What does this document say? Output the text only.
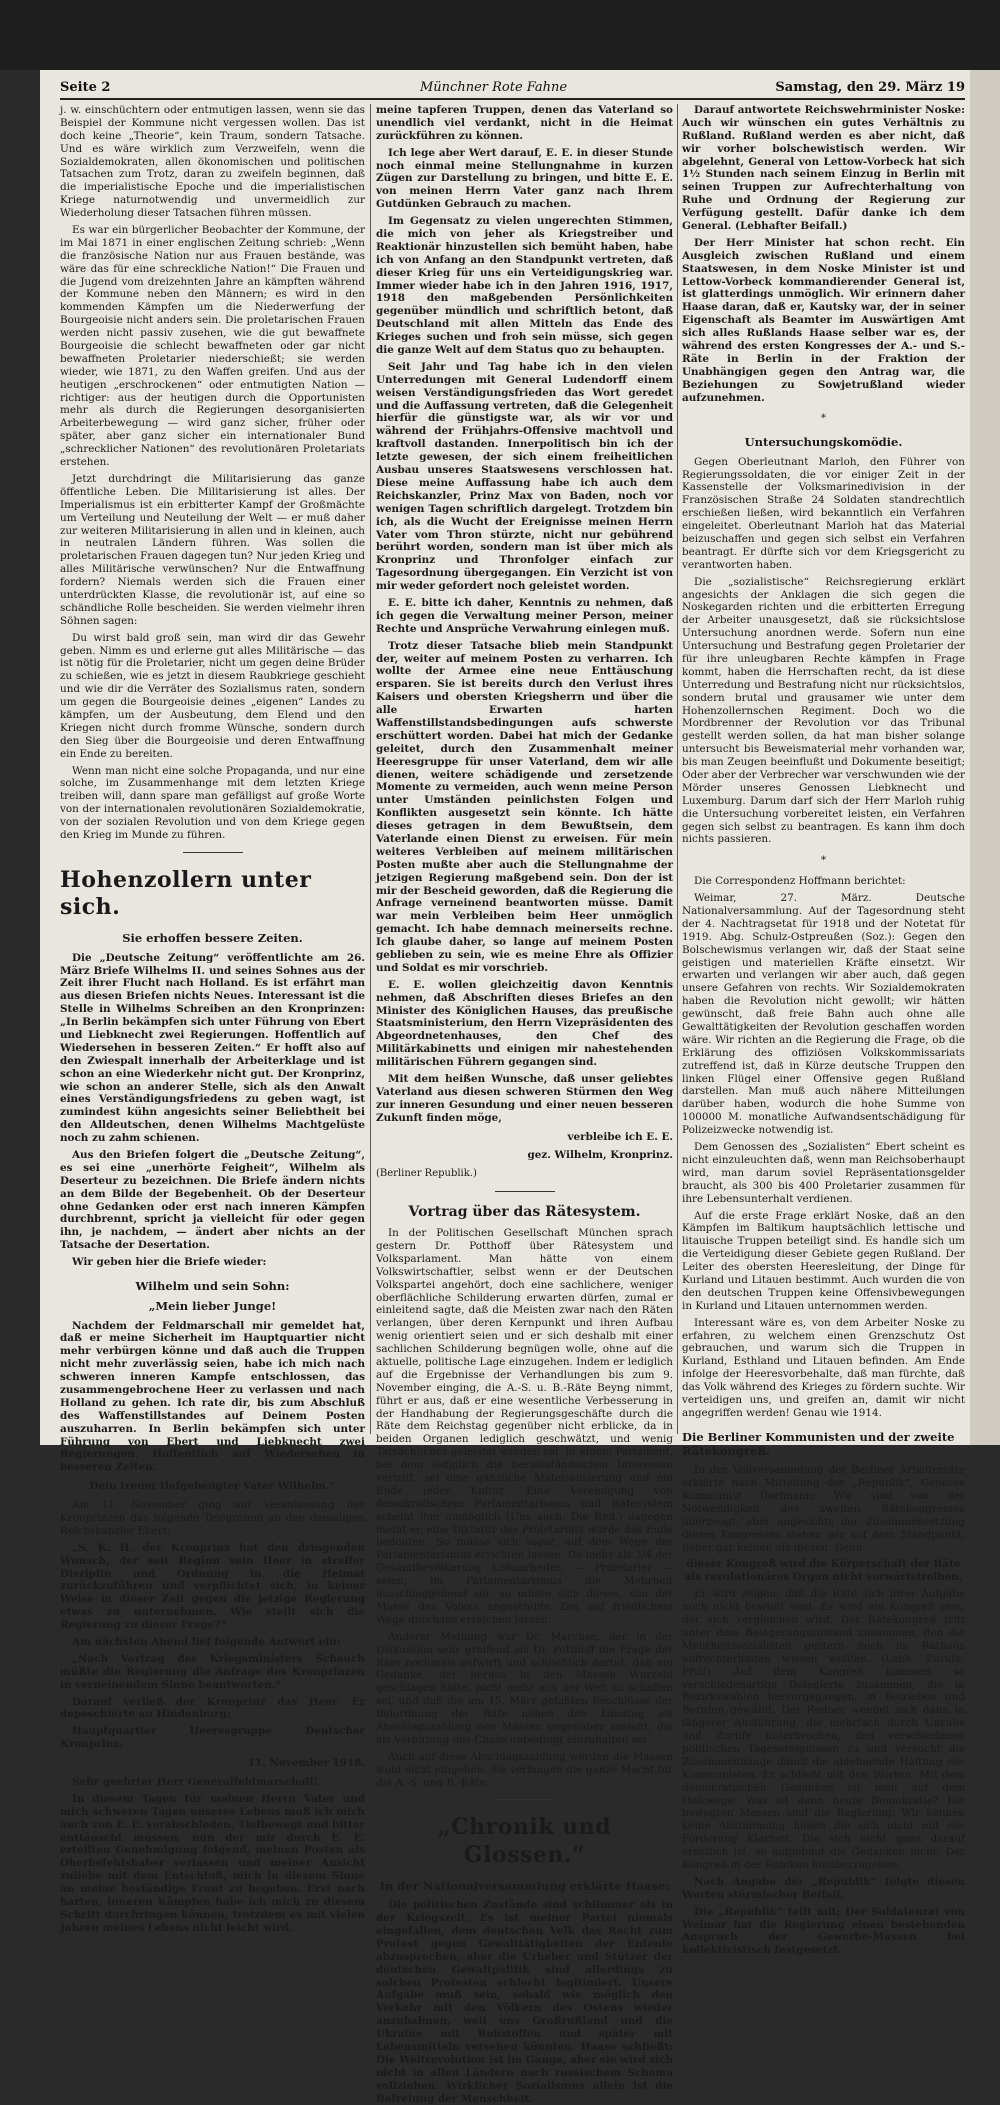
Seite 2	Münchner Rote Fahne	Samstag, den 29. März 19

j. w. einschüchtern oder entmutigen lassen, wenn sie das Beispiel der Kommune nicht vergessen wollen. Das ist doch keine „Theorie“, kein Traum, sondern Tatsache. Und es wäre wirklich zum Verzweifeln, wenn die Sozialdemokraten, allen ökonomischen und politischen Tatsachen zum Trotz, daran zu zweifeln beginnen, daß die imperialistische Epoche und die imperialistischen Kriege naturnotwendig und unvermeidlich zur Wiederholung dieser Tatsachen führen müssen.

Es war ein bürgerlicher Beobachter der Kommune, der im Mai 1871 in einer englischen Zeitung schrieb: „Wenn die französische Nation nur aus Frauen bestände, was wäre das für eine schreckliche Nation!“ Die Frauen und die Jugend vom dreizehnten Jahre an kämpften während der Kommune neben den Männern; es wird in den kommenden Kämpfen um die Niederwerfung der Bourgeoisie nicht anders sein. Die proletarischen Frauen werden nicht passiv zusehen, wie die gut bewaffnete Bourgeoisie die schlecht bewaffneten oder gar nicht bewaffneten Proletarier niederschießt; sie werden wieder, wie 1871, zu den Waffen greifen. Und aus der heutigen „erschrockenen“ oder entmutigten Nation — richtiger: aus der heutigen durch die Opportunisten mehr als durch die Regierungen desorganisierten Arbeiterbewegung — wird ganz sicher, früher oder später, aber ganz sicher ein internationaler Bund „schrecklicher Nationen“ des revolutionären Proletariats erstehen.

Jetzt durchdringt die Militarisierung das ganze öffentliche Leben. Die Militarisierung ist alles. Der Imperialismus ist ein erbitterter Kampf der Großmächte um Verteilung und Neuteilung der Welt — er muß daher zur weiteren Militarisierung in allen und in kleinen, auch in neutralen Ländern führen. Was sollen die proletarischen Frauen dagegen tun? Nur jeden Krieg und alles Militärische verwünschen? Nur die Entwaffnung fordern? Niemals werden sich die Frauen einer unterdrückten Klasse, die revolutionär ist, auf eine so schändliche Rolle bescheiden. Sie werden vielmehr ihren Söhnen sagen:

Du wirst bald groß sein, man wird dir das Gewehr geben. Nimm es und erlerne gut alles Militärische — das ist nötig für die Proletarier, nicht um gegen deine Brüder zu schießen, wie es jetzt in diesem Raubkriege geschieht und wie dir die Verräter des Sozialismus raten, sondern um gegen die Bourgeoisie deines „eigenen“ Landes zu kämpfen, um der Ausbeutung, dem Elend und den Kriegen nicht durch fromme Wünsche, sondern durch den Sieg über die Bourgeoisie und deren Entwaffnung ein Ende zu bereiten.

Wenn man nicht eine solche Propaganda, und nur eine solche, im Zusammenhange mit dem letzten Kriege treiben will, dann spare man gefälligst auf große Worte von der internationalen revolutionären Sozialdemokratie, von der sozialen Revolution und von dem Kriege gegen den Krieg im Munde zu führen.

Hohenzollern unter sich.
Sie erhoffen bessere Zeiten.

Die „Deutsche Zeitung“ veröffentlichte am 26. März Briefe Wilhelms II. und seines Sohnes aus der Zeit ihrer Flucht nach Holland. Es ist erfährt man aus diesen Briefen nichts Neues. Interessant ist die Stelle in Wilhelms Schreiben an den Kronprinzen: „In Berlin bekämpfen sich unter Führung von Ebert und Liebknecht zwei Regierungen. Hoffentlich auf Wiedersehen in besseren Zeiten.“ Er hofft also auf den Zwiespalt innerhalb der Arbeiterklage und ist schon an eine Wiederkehr nicht gut. Der Kronprinz, wie schon an anderer Stelle, sich als den Anwalt eines Verständigungsfriedens zu geben wagt, ist zumindest kühn angesichts seiner Beliebtheit bei den Alldeutschen, denen Wilhelms Machtgelüste noch zu zahm schienen.

Aus den Briefen folgert die „Deutsche Zeitung“, es sei eine „unerhörte Feigheit“, Wilhelm als Deserteur zu bezeichnen. Die Briefe ändern nichts an dem Bilde der Begebenheit. Ob der Deserteur ohne Gedanken oder erst nach inneren Kämpfen durchbrennt, spricht ja vielleicht für oder gegen ihn, je nachdem, — ändert aber nichts an der Tatsache der Desertation.

Wir geben hier die Briefe wieder:

Wilhelm und sein Sohn:
„Mein lieber Junge!

Nachdem der Feldmarschall mir gemeldet hat, daß er meine Sicherheit im Hauptquartier nicht mehr verbürgen könne und daß auch die Truppen nicht mehr zuverlässig seien, habe ich mich nach schweren inneren Kampfe entschlossen, das zusammengebrochene Heer zu verlassen und nach Holland zu gehen. Ich rate dir, bis zum Abschluß des Waffenstillstandes auf Deinem Posten auszuharren. In Berlin bekämpfen sich unter Führung von Ebert und Liebknecht zwei Regierungen. Hoffentlich auf Wiedersehen in besseren Zeiten.

Dein treuer tiefgebeugter Vater Wilhelm.“

Am 11. November ging auf Veranlassung des Kronprinzen das folgende Telegramm an den damaligen Reichskanzler Ebert:

„S. K. H. der Kronprinz hat den dringenden Wunsch, der seit Beginn sein Heer in straffer Disziplin und Ordnung in die Heimat zurückzuführen und verpflichtet sich, in keiner Weise in dieser Zeit gegen die jetzige Regierung etwas zu unternehmen. Wie stellt sich die Regierung zu dieser Frage?“

Am nächsten Abend lief folgende Antwort ein:

„Nach Vortrag des Kriegsministers Scheuch müßte die Regierung die Anfrage des Kronprinzen in verneinendem Sinne beantworten.“

Darauf verließ der Kronprinz das Heer. Er depeschierte an Hindenburg:

Hauptquartier Heeresgruppe Deutscher Kronprinz.

11. November 1918.

Sehr geehrter Herr Generalfeldmarschall!

In diesem Tagen für meinen Herrn Vater und mich schweren Tagen unseres Lebens muß ich mich auch von E. E. verabschieden. Tiefbewegt und bitter enttäuscht müssen, nun der mir durch E. E. erteilten Genehmigung folgend, meinen Posten als Oberbefehlshaber verlassen und meiner Ansicht zuliebe mit dem Entschluß, mich in diesem Sinne an meine beständige Front zu begeben. Erst nach harten, inneren Kämpfen habe ich mich zu diesem Schritt durchringen können, trotzdem es mit vielen Jahren meines Lebens nicht leicht wird.

meine tapferen Truppen, denen das Vaterland so unendlich viel verdankt, nicht in die Heimat zurückführen zu können.

Ich lege aber Wert darauf, E. E. in dieser Stunde noch einmal meine Stellungnahme in kurzen Zügen zur Darstellung zu bringen, und bitte E. E. von meinen Herrn Vater ganz nach Ihrem Gutdünken Gebrauch zu machen.

Im Gegensatz zu vielen ungerechten Stimmen, die mich von jeher als Kriegstreiber und Reaktionär hinzustellen sich bemüht haben, habe ich von Anfang an den Standpunkt vertreten, daß dieser Krieg für uns ein Verteidigungskrieg war. Immer wieder habe ich in den Jahren 1916, 1917, 1918 den maßgebenden Persönlichkeiten gegenüber mündlich und schriftlich betont, daß Deutschland mit allen Mitteln das Ende des Krieges suchen und froh sein müsse, sich gegen die ganze Welt auf dem Status quo zu behaupten.

Seit Jahr und Tag habe ich in den vielen Unterredungen mit General Ludendorff einem weisen Verständigungsfrieden das Wort geredet und die Auffassung vertreten, daß die Gelegenheit hierfür die günstigste war, als wir vor und während der Frühjahrs-Offensive machtvoll und kraftvoll dastanden. Innerpolitisch bin ich der letzte gewesen, der sich einem freiheitlichen Ausbau unseres Staatswesens verschlossen hat. Diese meine Auffassung habe ich auch dem Reichskanzler, Prinz Max von Baden, noch vor wenigen Tagen schriftlich dargelegt. Trotzdem bin ich, als die Wucht der Ereignisse meinen Herrn Vater vom Thron stürzte, nicht nur gebührend berührt worden, sondern man ist über mich als Kronprinz und Thronfolger einfach zur Tagesordnung übergegangen. Ein Verzicht ist von mir weder gefordert noch geleistet worden.

E. E. bitte ich daher, Kenntnis zu nehmen, daß ich gegen die Verwaltung meiner Person, meiner Rechte und Ansprüche Verwahrung einlegen muß.

Trotz dieser Tatsache blieb mein Standpunkt der, weiter auf meinem Posten zu verharren. Ich wollte der Armee eine neue Enttäuschung ersparen. Sie ist bereits durch den Verlust ihres Kaisers und obersten Kriegsherrn und über die alle Erwarten harten Waffenstillstandsbedingungen aufs schwerste erschüttert worden. Dabei hat mich der Gedanke geleitet, durch den Zusammenhalt meiner Heeresgruppe für unser Vaterland, dem wir alle dienen, weitere schädigende und zersetzende Momente zu vermeiden, auch wenn meine Person unter Umständen peinlichsten Folgen und Konflikten ausgesetzt sein könnte. Ich hätte dieses getragen in dem Bewußtsein, dem Vaterlande einen Dienst zu erweisen. Für mein weiteres Verbleiben auf meinem militärischen Posten mußte aber auch die Stellungnahme der jetzigen Regierung maßgebend sein. Don der ist mir der Bescheid geworden, daß die Regierung die Anfrage verneinend beantworten müsse. Damit war mein Verbleiben beim Heer unmöglich gemacht. Ich habe demnach meinerseits rechne. Ich glaube daher, so lange auf meinem Posten geblieben zu sein, wie es meine Ehre als Offizier und Soldat es mir vorschrieb.

E. E. wollen gleichzeitig davon Kenntnis nehmen, daß Abschriften dieses Briefes an den Minister des Königlichen Hauses, das preußische Staatsministerium, den Herrn Vizepräsidenten des Abgeordnetenhauses, den Chef des Militärkabinetts und einigen mir nahestehenden militärischen Führern gegangen sind.

Mit dem heißen Wunsche, daß unser geliebtes Vaterland aus diesen schweren Stürmen den Weg zur inneren Gesundung und einer neuen besseren Zukunft finden möge,

verbleibe ich E. E.

gez. Wilhelm, Kronprinz.

(Berliner Republik.)

Vortrag über das Rätesystem.

In der Politischen Gesellschaft München sprach gestern Dr. Potthoff über Rätesystem und Volksparlament. Man hätte von einem Volkswirtschaftler, selbst wenn er der Deutschen Volkspartei angehört, doch eine sachlichere, weniger oberflächliche Schilderung erwarten dürfen, zumal er einleitend sagte, daß die Meisten zwar nach den Räten verlangen, über deren Kernpunkt und ihren Aufbau wenig orientiert seien und er sich deshalb mit einer sachlichen Schilderung begnügen wolle, ohne auf die aktuelle, politische Lage einzugehen. Indem er lediglich auf die Ergebnisse der Verhandlungen bis zum 9. November einging, die A.-S. u. B.-Räte Beyng nimmt, führt er aus, daß er eine wesentliche Verbesserung in der Handhabung der Regierungsgeschäfte durch die Räte dem Reichstag gegenüber nicht erblicke, da in beiden Organen lediglich geschwätzt, und wenig Tatsächliches geleistet worden sei. In einem Parlament, bei dem lediglich die berufsständischen Interessen vertritt, sei eine gänzliche Materialisierung und ein Ende jeder Kultur. Eine Vereinigung von demokratischem Parlamentarismus und Rätesystem scheint ihm unmöglich (Uns auch. Die Red.) dagegen meint er, eine Diktatur des Proletariats würde das Ende bedeuten. So müsse sich sogar, auf dem Wege des Parlamentarismus errichten lassen. Da mehr als 3/4 der Gesamtbevölkerung Lohnarbeiter, — Proletarier — seien, im Parlamentarismus die Mehrheit ausschlaggebend sei, so müsse sich dieses, von der Masse des Volkes angestrebte Ziel auf friedlichem Wege durchaus erreichen lassen.

Anderer Meinung war Dr. Marcuse, der in der Diskussion sehr greifend als Dr. Potthoff die Frage der Räte nochmals aufwirft und schließlich dartut, daß ein Gedanke, der heraus in den Massen Wurzeln geschlagen hätte, nicht mehr aus der Welt zu schaffen sei, und daß die am 15. März gefaßten Beschlüsse der Beiordnung der Räte neben den Landtag als Abschlagszahlung den Massen gegenüber ansieht, die als Verhütung des Chaos unbedingt einzuhalten sei.

Auch auf diese Abschlagszahlung werden die Massen wohl nicht eingehen. Sie verlangen die ganze Macht für die A.-S. und B.-Räte.

„Chronik und Glossen.“
In der Nationalversammlung erklärte Haase:

Die politischen Zustände sind schlimmer als in der Kriegszeit. Es ist meiner Partei niemals eingefallen, dem deutschen Volk das Recht zum Protest gegen Gewalttätigkeiten der Entente abzusprechen, aber die Urheber und Stützer der deutschen Gewaltpolitik sind allerdings zu solchen Protesten schlecht legitimiert. Unsere Aufgabe muß sein, sobald wie möglich den Verkehr mit den Völkern des Ostens wieder anzubahnen, weil uns Großrußland und die Ukraine mit Rohstoffen und später mit Lebensmitteln versehen könnten. Haase schließt: Die Weltrevolution ist im Gange, aber sie wird sich nicht in allen Ländern nach russischem Schema vollziehen. Wirklicher Sozialismus allein ist die Befreiung der Menschheit.

Darauf antwortete Reichswehrminister Noske: Auch wir wünschen ein gutes Verhältnis zu Rußland. Rußland werden es aber nicht, daß wir vorher bolschewistisch werden. Wir abgelehnt, General von Lettow-Vorbeck hat sich 1½ Stunden nach seinem Einzug in Berlin mit seinen Truppen zur Aufrechterhaltung von Ruhe und Ordnung der Regierung zur Verfügung gestellt. Dafür danke ich dem General. (Lebhafter Beifall.)

Der Herr Minister hat schon recht. Ein Ausgleich zwischen Rußland und einem Staatswesen, in dem Noske Minister ist und Lettow-Vorbeck kommandierender General ist, ist glatterdings unmöglich. Wir erinnern daher Haase daran, daß er, Kautsky war, der in seiner Eigenschaft als Beamter im Auswärtigen Amt sich alles Rußlands Haase selber war es, der während des ersten Kongresses der A.- und S.-Räte in Berlin in der Fraktion der Unabhängigen gegen den Antrag war, die Beziehungen zu Sowjetrußland wieder aufzunehmen.

*

Untersuchungskomödie.

Gegen Oberleutnant Marloh, den Führer von Regierungssoldaten, die vor einiger Zeit in der Kassenstelle der Volksmarinedivision in der Französischen Straße 24 Soldaten standrechtlich erschießen ließen, wird bekanntlich ein Verfahren eingeleitet. Oberleutnant Marloh hat das Material beizuschaffen und gegen sich selbst ein Verfahren beantragt. Er dürfte sich vor dem Kriegsgericht zu verantworten haben.

Die „sozialistische“ Reichsregierung erklärt angesichts der Anklagen die sich gegen die Noskegarden richten und die erbitterten Erregung der Arbeiter unausgesetzt, daß sie rücksichtslose Untersuchung anordnen werde. Sofern nun eine Untersuchung und Bestrafung gegen Proletarier der für ihre unleugbaren Rechte kämpfen in Frage kommt, haben die Herrschaften recht, da ist diese Unterredung und Bestrafung nicht nur rücksichtslos, sondern brutal und grausamer wie unter dem Hohenzollernschen Regiment. Doch wo die Mordbrenner der Revolution vor das Tribunal gestellt werden sollen, da hat man bisher solange untersucht bis Beweismaterial mehr vorhanden war, bis man Zeugen beeinflußt und Dokumente beseitigt; Oder aber der Verbrecher war verschwunden wie der Mörder unseres Genossen Liebknecht und Luxemburg. Darum darf sich der Herr Marloh ruhig die Untersuchung vorbereitet leisten, ein Verfahren gegen sich selbst zu beantragen. Es kann ihm doch nichts passieren.

*

Die Correspondenz Hoffmann berichtet:

Weimar, 27. März. Deutsche Nationalversammlung. Auf der Tagesordnung steht der 4. Nachtragsetat für 1918 und der Notetat für 1919. Abg. Schulz-Ostpreußen (Soz.): Gegen den Bolschewismus verlangen wir, daß der Staat seine geistigen und materiellen Kräfte einsetzt. Wir erwarten und verlangen wir aber auch, daß gegen unsere Gefahren von rechts. Wir Sozialdemokraten haben die Revolution nicht gewollt; wir hätten gewünscht, daß freie Bahn auch ohne alle Gewalttätigkeiten der Revolution geschaffen worden wäre. Wir richten an die Regierung die Frage, ob die Erklärung des offiziösen Volkskommissariats zutreffend ist, daß in Kürze deutsche Truppen den linken Flügel einer Offensive gegen Rußland darstellen. Man muß auch nähere Mitteilungen darüber haben, wodurch die hohe Summe von 100000 M. monatliche Aufwandsentschädigung für Polizeizwecke notwendig ist.

Dem Genossen des „Sozialisten“ Ebert scheint es nicht einzuleuchten daß, wenn man Reichsoberhaupt wird, man darum soviel Repräsentationsgelder braucht, als 300 bis 400 Proletarier zusammen für ihre Lebensunterhalt verdienen.

Auf die erste Frage erklärt Noske, daß an den Kämpfen im Baltikum hauptsächlich lettische und litauische Truppen beteiligt sind. Es handle sich um die Verteidigung dieser Gebiete gegen Rußland. Der Leiter des obersten Heeresleitung, der Dinge für Kurland und Litauen bestimmt. Auch wurden die von den deutschen Truppen keine Offensivbewegungen in Kurland und Litauen unternommen werden.

Interessant wäre es, von dem Arbeiter Noske zu erfahren, zu welchem einen Grenzschutz Ost gebrauchen, und warum sich die Truppen in Kurland, Esthland und Litauen befinden. Am Ende infolge der Heeresvorbehalte, daß man fürchte, daß das Volk während des Krieges zu fördern suchte. Wir verteidigen uns, und greifen an, damit wir nicht angegriffen werden! Genau wie 1914.

Die Berliner Kommunisten und der zweite Rätekongreß.

In der Vollversammlung der Berliner Arbeiterräte erklärte nach Mitteilung der „Republik“, Genosse Kommunist Dorfmann: Wir sind von der Notwendigkeit des zweiten Rätekongresses überzeugt, aber angesichts der Zusammensetzung dieses Kongresses stehen wir auf dem Standpunkt, lieber gar keinen als diesen. Denn

dieser Kongreß wird die Körperschaft der Räte als revolutionäres Organ nicht vorwärtstreiben.

Er wird zeigen, daß die Räte sich ihrer Aufgabe noch nicht bewußt sind. Es wird ein Kongreß sein, der sich vergleichen wird. Der Rätekongreß tritt unter dem Belagerungszustand zusammen, den die Mehrheitssozialisten gestern noch im Rathaus aufrechterhalten wissen wollten. (Lebh. Zurufe: Pfui!) Auf dem Kongreß kommen so verschiedenartige Delegierte zusammen, die in Bezirkswahlen hervorgegangen, in Betrieben und Berufen gewählt. Der Redner wendet sich dann in längerer Ausführung, die mehrfach durch Unruhe und Zurufe unterbrochen, den verschiedenen politischen Tagesereignissen zu und versucht die Zusammenhänge damit die ablehnende Haltung der Kommunisten. Er schließt mit den Worten: Mit dem demokratischen Gedanken ist man auf dem Holzwege. Was ist denn heute Demokratie? Die bewegten Massen sind die Regierung. Wir können keine Abstimmung haben die sich nicht mit der Forderung Klarheit. Die sich nicht ganz darauf ernstlich ist, so aufgebaut die Gedanken nicht: Der Kongreß in der Rubikon hinüberzugehen.

Nach Angabe der „Republik“ folgte diesen Worten stürmischer Beifall.

Die „Republik“ teilt mit: Der Soldatenrat von Weimar hat die Regierung einen bestehenden Anspruch der Gewerbe-Massen bei kollektivistisch festgesetzt.
